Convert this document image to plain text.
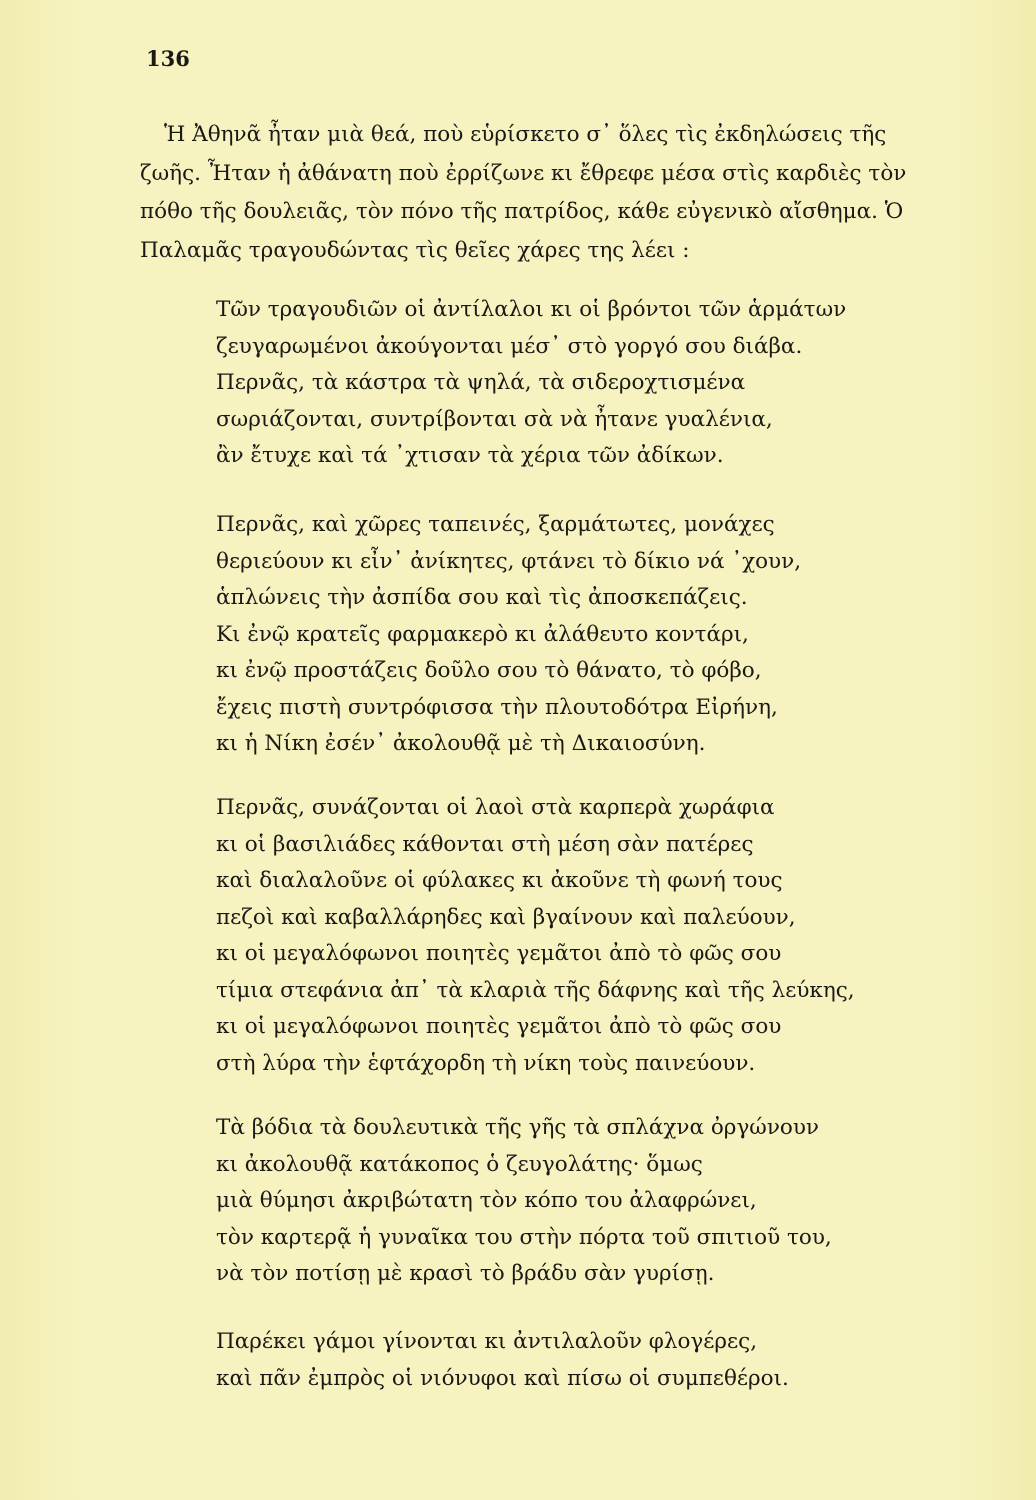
136
Ἡ Ἀθηνᾶ ἦταν μιὰ θεά, ποὺ εὑρίσκετο σ᾽ ὅλες τὶς ἐκδηλώσεις τῆς
ζωῆς. Ἦταν ἡ ἀθάνατη ποὺ ἐρρίζωνε κι ἔθρεφε μέσα στὶς καρδιὲς τὸν
πόθο τῆς δουλειᾶς, τὸν πόνο τῆς πατρίδος, κάθε εὐγενικὸ αἴσθημα. Ὁ
Παλαμᾶς τραγουδώντας τὶς θεῖες χάρες της λέει :
Τῶν τραγουδιῶν οἱ ἀντίλαλοι κι οἱ βρόντοι τῶν ἁρμάτων
ζευγαρωμένοι ἀκούγονται μέσ᾽ στὸ γοργό σου διάβα.
Περνᾶς, τὰ κάστρα τὰ ψηλά, τὰ σιδεροχτισμένα
σωριάζονται, συντρίβονται σὰ νὰ ἦτανε γυαλένια,
ἂν ἔτυχε καὶ τά ᾽χτισαν τὰ χέρια τῶν ἀδίκων.
Περνᾶς, καὶ χῶρες ταπεινές, ξαρμάτωτες, μονάχες
θεριεύουν κι εἶν᾽ ἀνίκητες, φτάνει τὸ δίκιο νά ᾽χουν,
ἁπλώνεις τὴν ἀσπίδα σου καὶ τὶς ἀποσκεπάζεις.
Κι ἐνῷ κρατεῖς φαρμακερὸ κι ἀλάθευτο κοντάρι,
κι ἐνῷ προστάζεις δοῦλο σου τὸ θάνατο, τὸ φόβο,
ἔχεις πιστὴ συντρόφισσα τὴν πλουτοδότρα Εἰρήνη,
κι ἡ Νίκη ἐσέν᾽ ἀκολουθᾷ μὲ τὴ Δικαιοσύνη.
Περνᾶς, συνάζονται οἱ λαοὶ στὰ καρπερὰ χωράφια
κι οἱ βασιλιάδες κάθονται στὴ μέση σὰν πατέρες
καὶ διαλαλοῦνε οἱ φύλακες κι ἀκοῦνε τὴ φωνή τους
πεζοὶ καὶ καβαλλάρηδες καὶ βγαίνουν καὶ παλεύουν,
κι οἱ μεγαλόφωνοι ποιητὲς γεμᾶτοι ἀπὸ τὸ φῶς σου
τίμια στεφάνια ἀπ᾽ τὰ κλαριὰ τῆς δάφνης καὶ τῆς λεύκης,
κι οἱ μεγαλόφωνοι ποιητὲς γεμᾶτοι ἀπὸ τὸ φῶς σου
στὴ λύρα τὴν ἑφτάχορδη τὴ νίκη τοὺς παινεύουν.
Τὰ βόδια τὰ δουλευτικὰ τῆς γῆς τὰ σπλάχνα ὀργώνουν
κι ἀκολουθᾷ κατάκοπος ὁ ζευγολάτης· ὅμως
μιὰ θύμησι ἀκριβώτατη τὸν κόπο του ἀλαφρώνει,
τὸν καρτερᾷ ἡ γυναῖκα του στὴν πόρτα τοῦ σπιτιοῦ του,
νὰ τὸν ποτίσῃ μὲ κρασὶ τὸ βράδυ σὰν γυρίσῃ.
Παρέκει γάμοι γίνονται κι ἀντιλαλοῦν φλογέρες,
καὶ πᾶν ἐμπρὸς οἱ νιόνυφοι καὶ πίσω οἱ συμπεθέροι.
